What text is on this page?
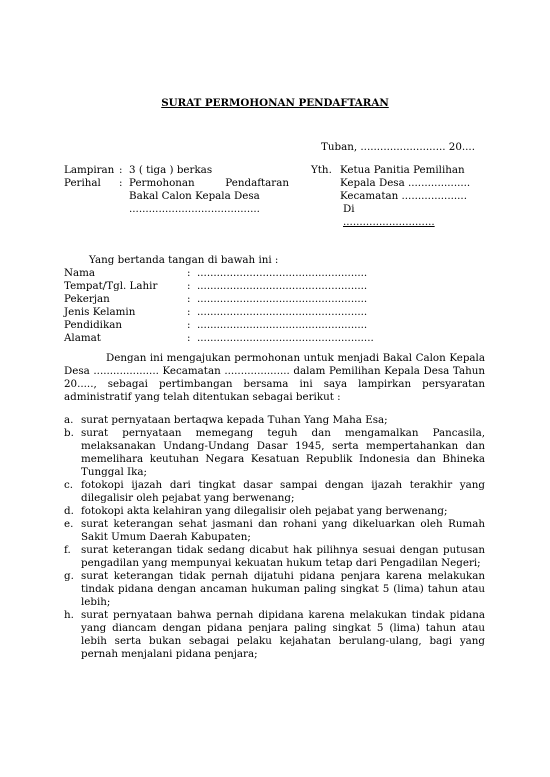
SURAT PERMOHONAN PENDAFTARAN
Tuban, .......................... 20....
Lampiran : 3 ( tiga ) berkas
Perihal	: Permohonan Pendaftaran
Bakal Calon Kepala Desa
........................................
Yth. Ketua Panitia Pemilihan
Kepala Desa ...................
Kecamatan ....................
Di
............................
Yang bertanda tangan di bawah ini :
Nama	: ....................................................
Tempat/Tgl. Lahir	: ....................................................
Pekerjan	: ....................................................
Jenis Kelamin	: ....................................................
Pendidikan	: ....................................................
Alamat	: ......................................................
Dengan ini mengajukan permohonan untuk menjadi Bakal Calon Kepala Desa .................... Kecamatan .................... dalam Pemilihan Kepala Desa Tahun 20....., sebagai pertimbangan bersama ini saya lampirkan persyaratan administratif yang telah ditentukan sebagai berikut :
a. surat pernyataan bertaqwa kepada Tuhan Yang Maha Esa;
b. surat pernyataan memegang teguh dan mengamalkan Pancasila, melaksanakan Undang-Undang Dasar 1945, serta mempertahankan dan memelihara keutuhan Negara Kesatuan Republik Indonesia dan Bhineka Tunggal Ika;
c. fotokopi ijazah dari tingkat dasar sampai dengan ijazah terakhir yang dilegalisir oleh pejabat yang berwenang;
d. fotokopi akta kelahiran yang dilegalisir oleh pejabat yang berwenang;
e. surat keterangan sehat jasmani dan rohani yang dikeluarkan oleh Rumah Sakit Umum Daerah Kabupaten;
f. surat keterangan tidak sedang dicabut hak pilihnya sesuai dengan putusan pengadilan yang mempunyai kekuatan hukum tetap dari Pengadilan Negeri;
g. surat keterangan tidak pernah dijatuhi pidana penjara karena melakukan tindak pidana dengan ancaman hukuman paling singkat 5 (lima) tahun atau lebih;
h. surat pernyataan bahwa pernah dipidana karena melakukan tindak pidana yang diancam dengan pidana penjara paling singkat 5 (lima) tahun atau lebih serta bukan sebagai pelaku kejahatan berulang-ulang, bagi yang pernah menjalani pidana penjara;
